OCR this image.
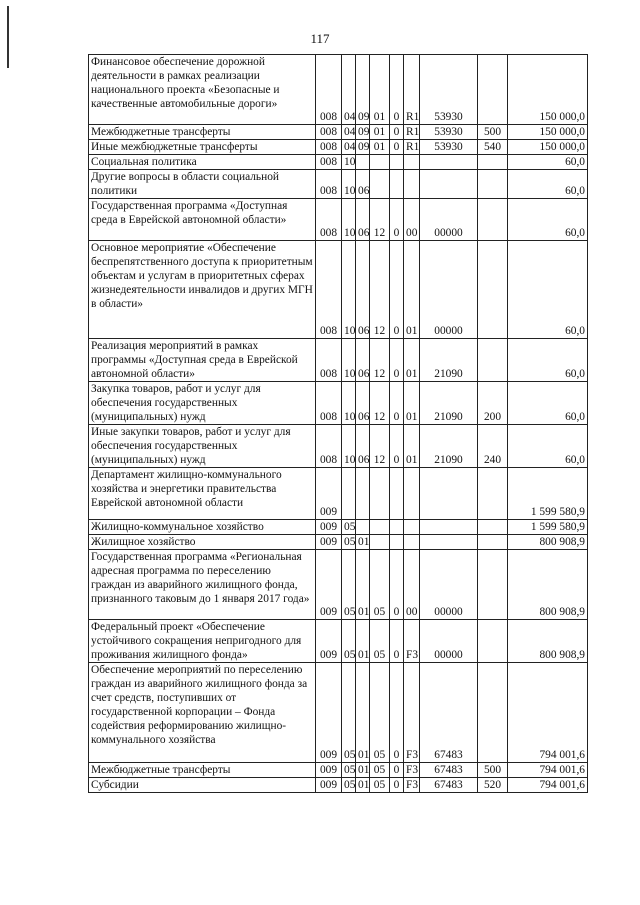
117
Финансовое обеспечение дорожной деятельности в рамках реализации национального проекта «Безопасные и качественные автомобильные дороги»	008	04	09	01	0	R1	53930		150 000,0
Межбюджетные трансферты	008	04	09	01	0	R1	53930	500	150 000,0
Иные межбюджетные трансферты	008	04	09	01	0	R1	53930	540	150 000,0
Социальная политика	008	10							60,0
Другие вопросы в области социальной политики	008	10	06						60,0
Государственная программа «Доступная среда в Еврейской автономной области»	008	10	06	12	0	00	00000		60,0
Основное мероприятие «Обеспечение беспрепятственного доступа к приоритетным объектам и услугам в приоритетных сферах жизнедеятельности инвалидов и других МГН в области»	008	10	06	12	0	01	00000		60,0
Реализация мероприятий в рамках программы «Доступная среда в Еврейской автономной области»	008	10	06	12	0	01	21090		60,0
Закупка товаров, работ и услуг для обеспечения государственных (муниципальных) нужд	008	10	06	12	0	01	21090	200	60,0
Иные закупки товаров, работ и услуг для обеспечения государственных (муниципальных) нужд	008	10	06	12	0	01	21090	240	60,0
Департамент жилищно-коммунального хозяйства и энергетики правительства Еврейской автономной области	009								1 599 580,9
Жилищно-коммунальное хозяйство	009	05							1 599 580,9
Жилищное хозяйство	009	05	01						800 908,9
Государственная программа «Региональная адресная программа по переселению граждан из аварийного жилищного фонда, признанного таковым до 1 января 2017 года»	009	05	01	05	0	00	00000		800 908,9
Федеральный проект «Обеспечение устойчивого сокращения непригодного для проживания жилищного фонда»	009	05	01	05	0	F3	00000		800 908,9
Обеспечение мероприятий по переселению граждан из аварийного жилищного фонда за счет средств, поступивших от государственной корпорации – Фонда содействия реформированию жилищно-коммунального хозяйства	009	05	01	05	0	F3	67483		794 001,6
Межбюджетные трансферты	009	05	01	05	0	F3	67483	500	794 001,6
Субсидии	009	05	01	05	0	F3	67483	520	794 001,6
